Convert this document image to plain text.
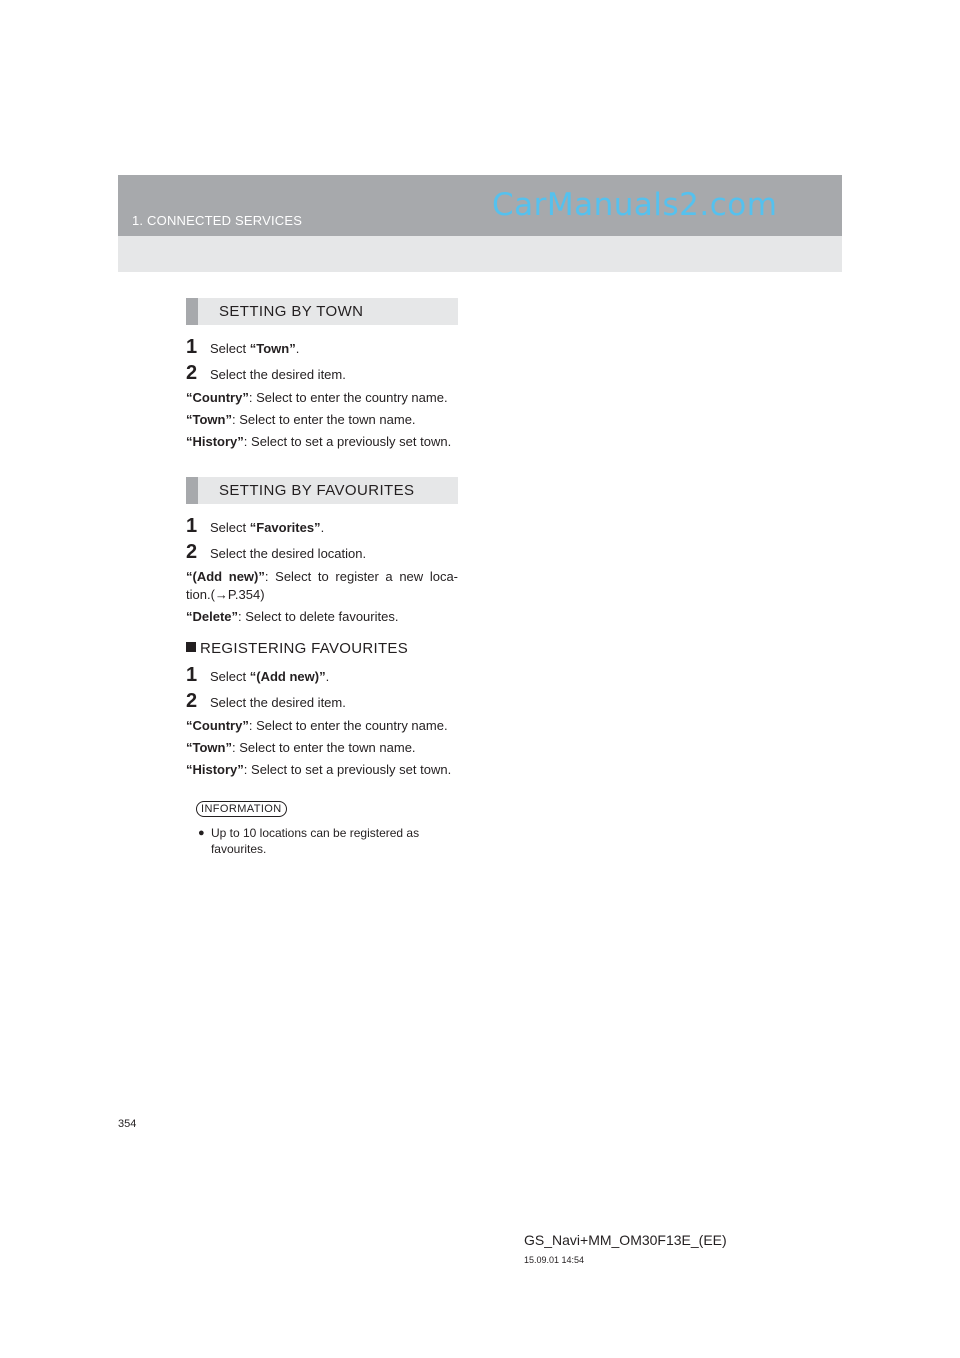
1. CONNECTED SERVICES	CarManuals2.com
SETTING BY TOWN
1 Select “Town”.
2 Select the desired item.

“Country”: Select to enter the country name.

“Town”: Select to enter the town name.

“History”: Select to set a previously set town.

SETTING BY FAVOURITES
1 Select “Favorites”.
2 Select the desired location.

“(Add new)”: Select to register a new loca- tion.(→P.354)

“Delete”: Select to delete favourites.

REGISTERING FAVOURITES
1 Select “(Add new)”.
2 Select the desired item.

“Country”: Select to enter the country name.

“Town”: Select to enter the town name.

“History”: Select to set a previously set town.

INFORMATION
● Up to 10 locations can be registered as favourites.
354
GS_Navi+MM_OM30F13E_(EE)
15.09.01 14:54
